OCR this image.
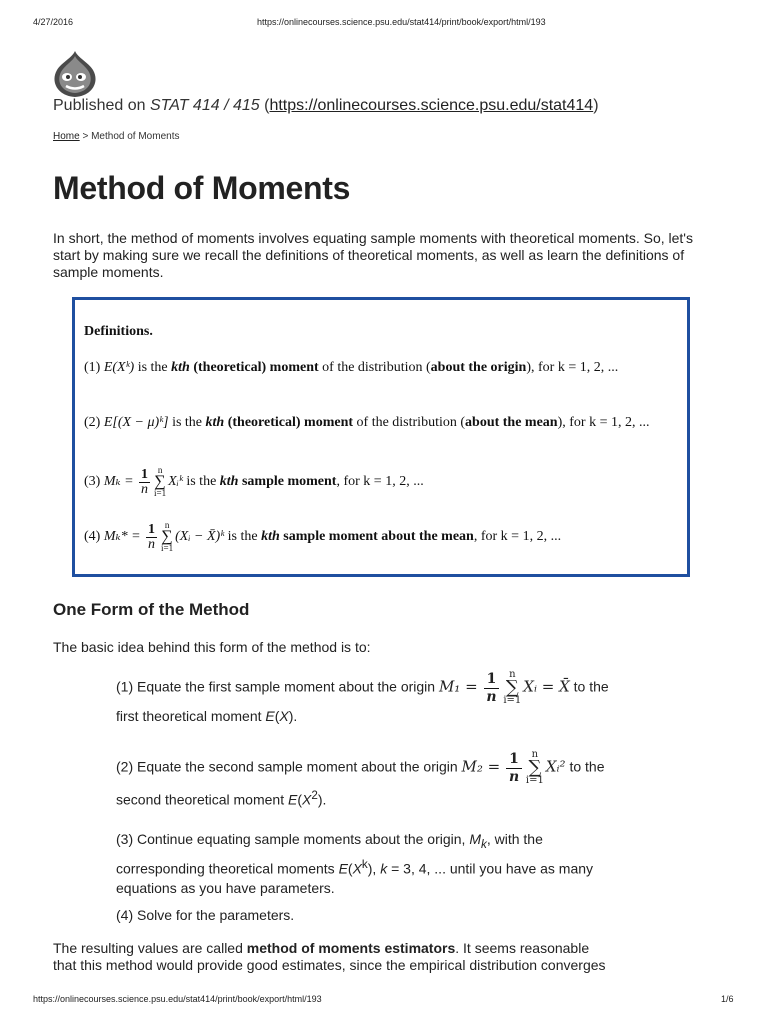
4/27/2016	https://onlinecourses.science.psu.edu/stat414/print/book/export/html/193
https://onlinecourses.science.psu.edu/stat414/print/book/export/html/193	1/6
Published on STAT 414 / 415 (https://onlinecourses.science.psu.edu/stat414)
Home > Method of Moments
Method of Moments
In short, the method of moments involves equating sample moments with theoretical moments. So, let's start by making sure we recall the definitions of theoretical moments, as well as learn the definitions of sample moments.
Definitions.
(1) E(Xᵏ) is the kth (theoretical) moment of the distribution (about the origin), for k = 1, 2, ...
(2) E[(X − μ)ᵏ] is the kth (theoretical) moment of the distribution (about the mean), for k = 1, 2, ...
(3) $M_k = \frac{1}{n}$ n
∑
i=1Xᵢᵏ is the kth sample moment, for k = 1, 2, ...
(4) $M_k* = \frac{1}{n}$ n
∑
i=1(Xᵢ − X̄)ᵏ is the kth sample moment about the mean, for k = 1, 2, ...
One Form of the Method
The basic idea behind this form of the method is to:
(1) Equate the first sample moment about the origin $M_1 = \frac{1}{n}$ n
∑
i=1Xᵢ = X̄ to the
first theoretical moment E(X).
(2) Equate the second sample moment about the origin $M_2 = \frac{1}{n}$ n
∑
i=1Xᵢ² to the
second theoretical moment $E(X^2)$.
(3) Continue equating sample moments about the origin, $M_k$, with the
corresponding theoretical moments $E(X^k)$, k = 3, 4, ... until you have as many
equations as you have parameters.
(4) Solve for the parameters.
The resulting values are called method of moments estimators. It seems reasonable
that this method would provide good estimates, since the empirical distribution converges
